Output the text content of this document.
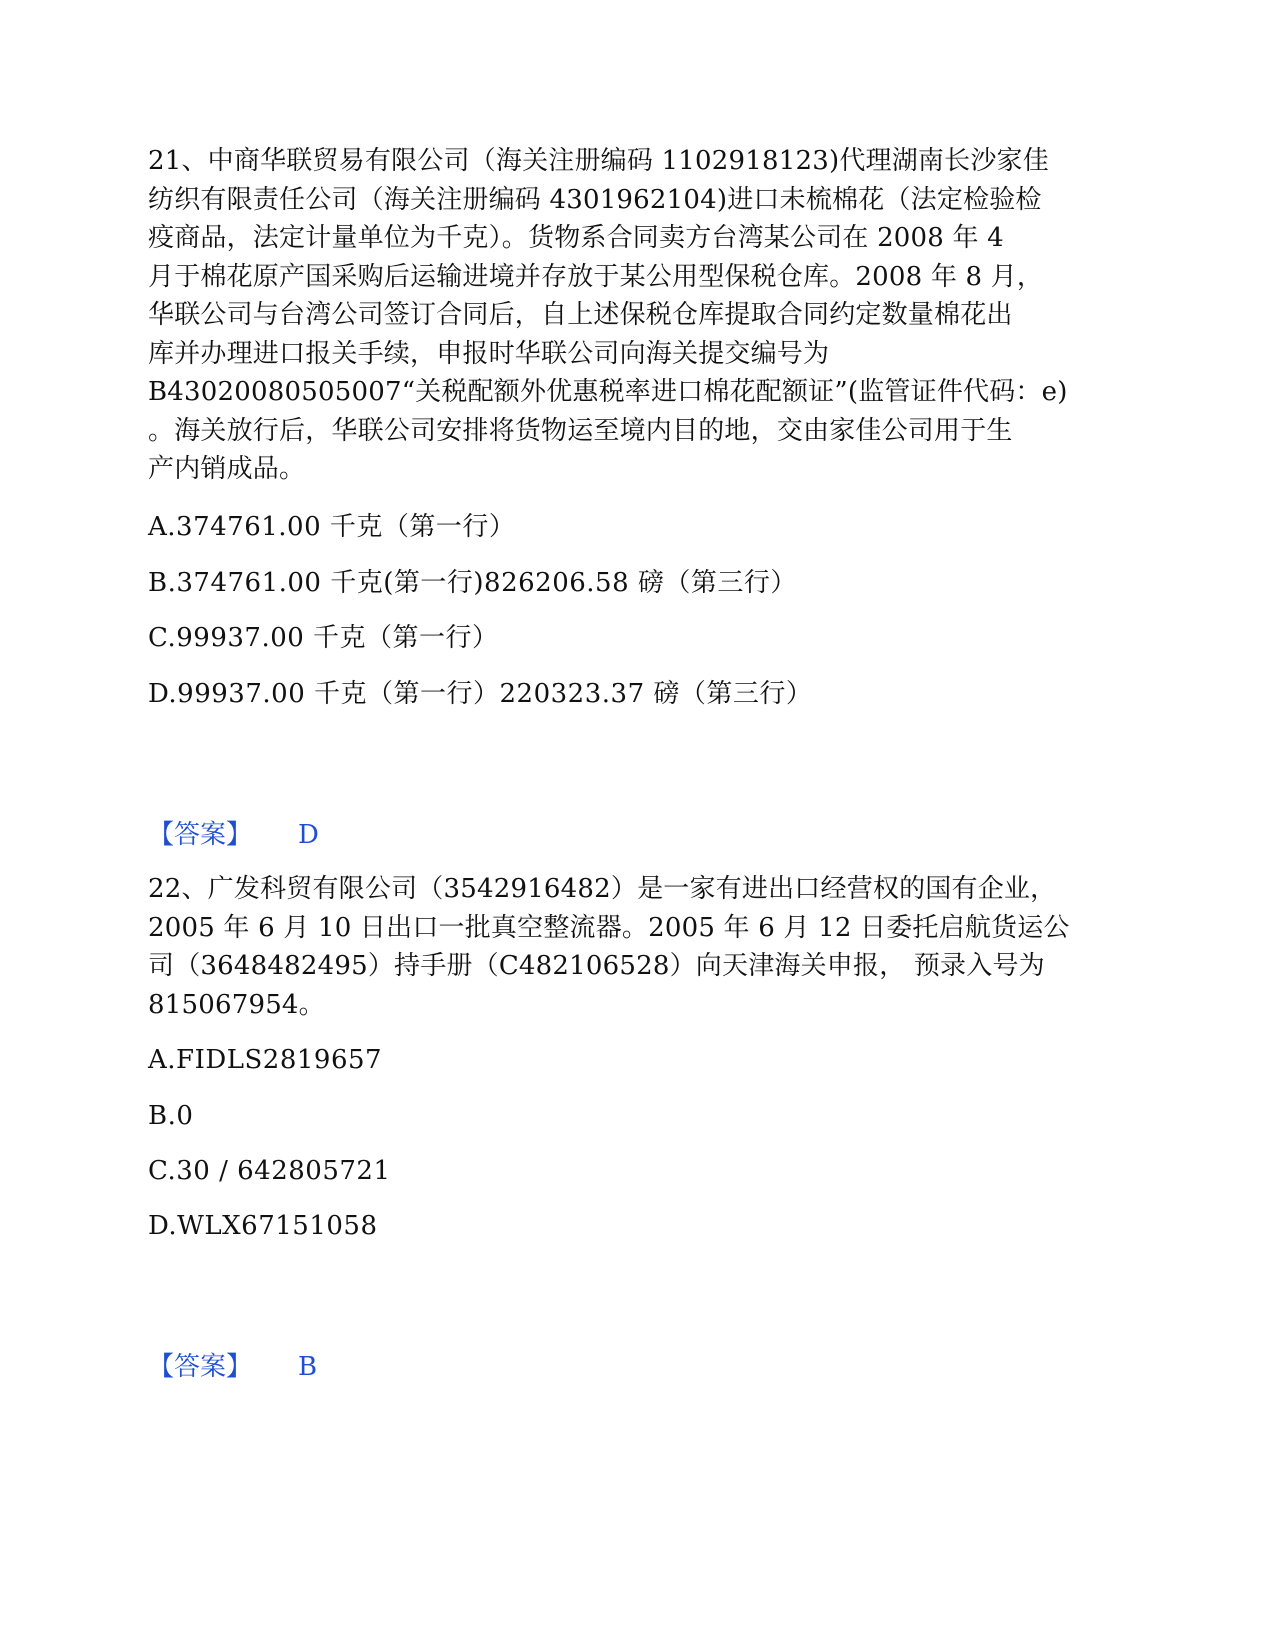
21、中商华联贸易有限公司（海关注册编码 1102918123)代理湖南长沙家佳
纺织有限责任公司（海关注册编码 4301962104)进口未梳棉花（法定检验检
疫商品，法定计量单位为千克）。货物系合同卖方台湾某公司在 2008 年 4
月于棉花原产国采购后运输进境并存放于某公用型保税仓库。2008 年 8 月，
华联公司与台湾公司签订合同后，自上述保税仓库提取合同约定数量棉花出
库并办理进口报关手续，申报时华联公司向海关提交编号为
B43020080505007“关税配额外优惠税率进口棉花配额证”(监管证件代码：e)
。海关放行后，华联公司安排将货物运至境内目的地，交由家佳公司用于生
产内销成品。
A.374761.00 千克（第一行）
B.374761.00 千克(第一行)826206.58 磅（第三行）
C.99937.00 千克（第一行）
D.99937.00 千克（第一行）220323.37 磅（第三行）
【答案】 D
22、广发科贸有限公司（3542916482）是一家有进出口经营权的国有企业，
2005 年 6 月 10 日出口一批真空整流器。2005 年 6 月 12 日委托启航货运公
司（3648482495）持手册（C482106528）向天津海关申报， 预录入号为
815067954。
A.FIDLS2819657
B.0
C.30 / 642805721
D.WLX67151058
【答案】 B
